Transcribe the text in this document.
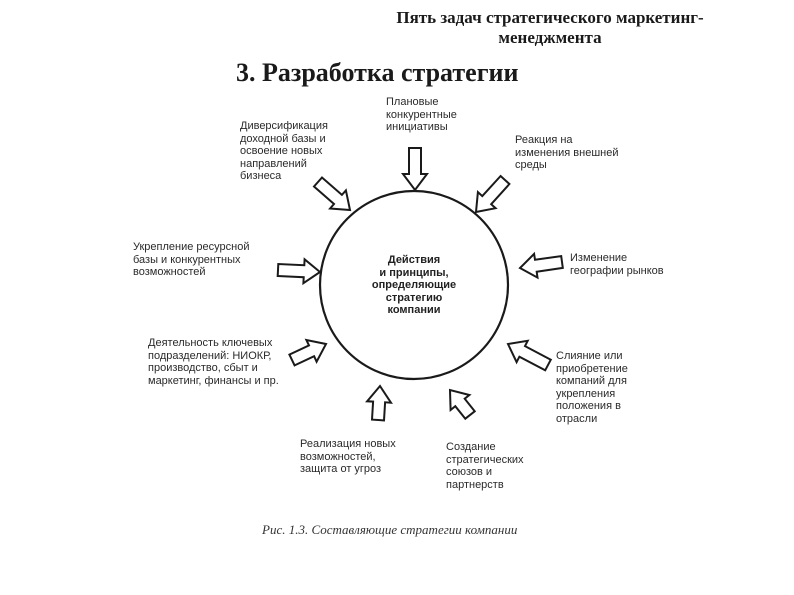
Пять задач стратегического маркетинг-
менеджмента
3. Разработка стратегии
Действия
и принципы,
определяющие
стратегию
компании
Плановые
конкурентные
инициативы
Реакция на
изменения внешней
среды
Изменение
географии рынков
Слияние или
приобретение
компаний для
укрепления
положения в
отрасли
Создание
стратегических
союзов и
партнерств
Реализация новых
возможностей,
защита от угроз
Деятельность ключевых
подразделений: НИОКР,
производство, сбыт и
маркетинг, финансы и пр.
Укрепление ресурсной
базы и конкурентных
возможностей
Диверсификация
доходной базы и
освоение новых
направлений
бизнеса
Рис. 1.3. Составляющие стратегии компании
